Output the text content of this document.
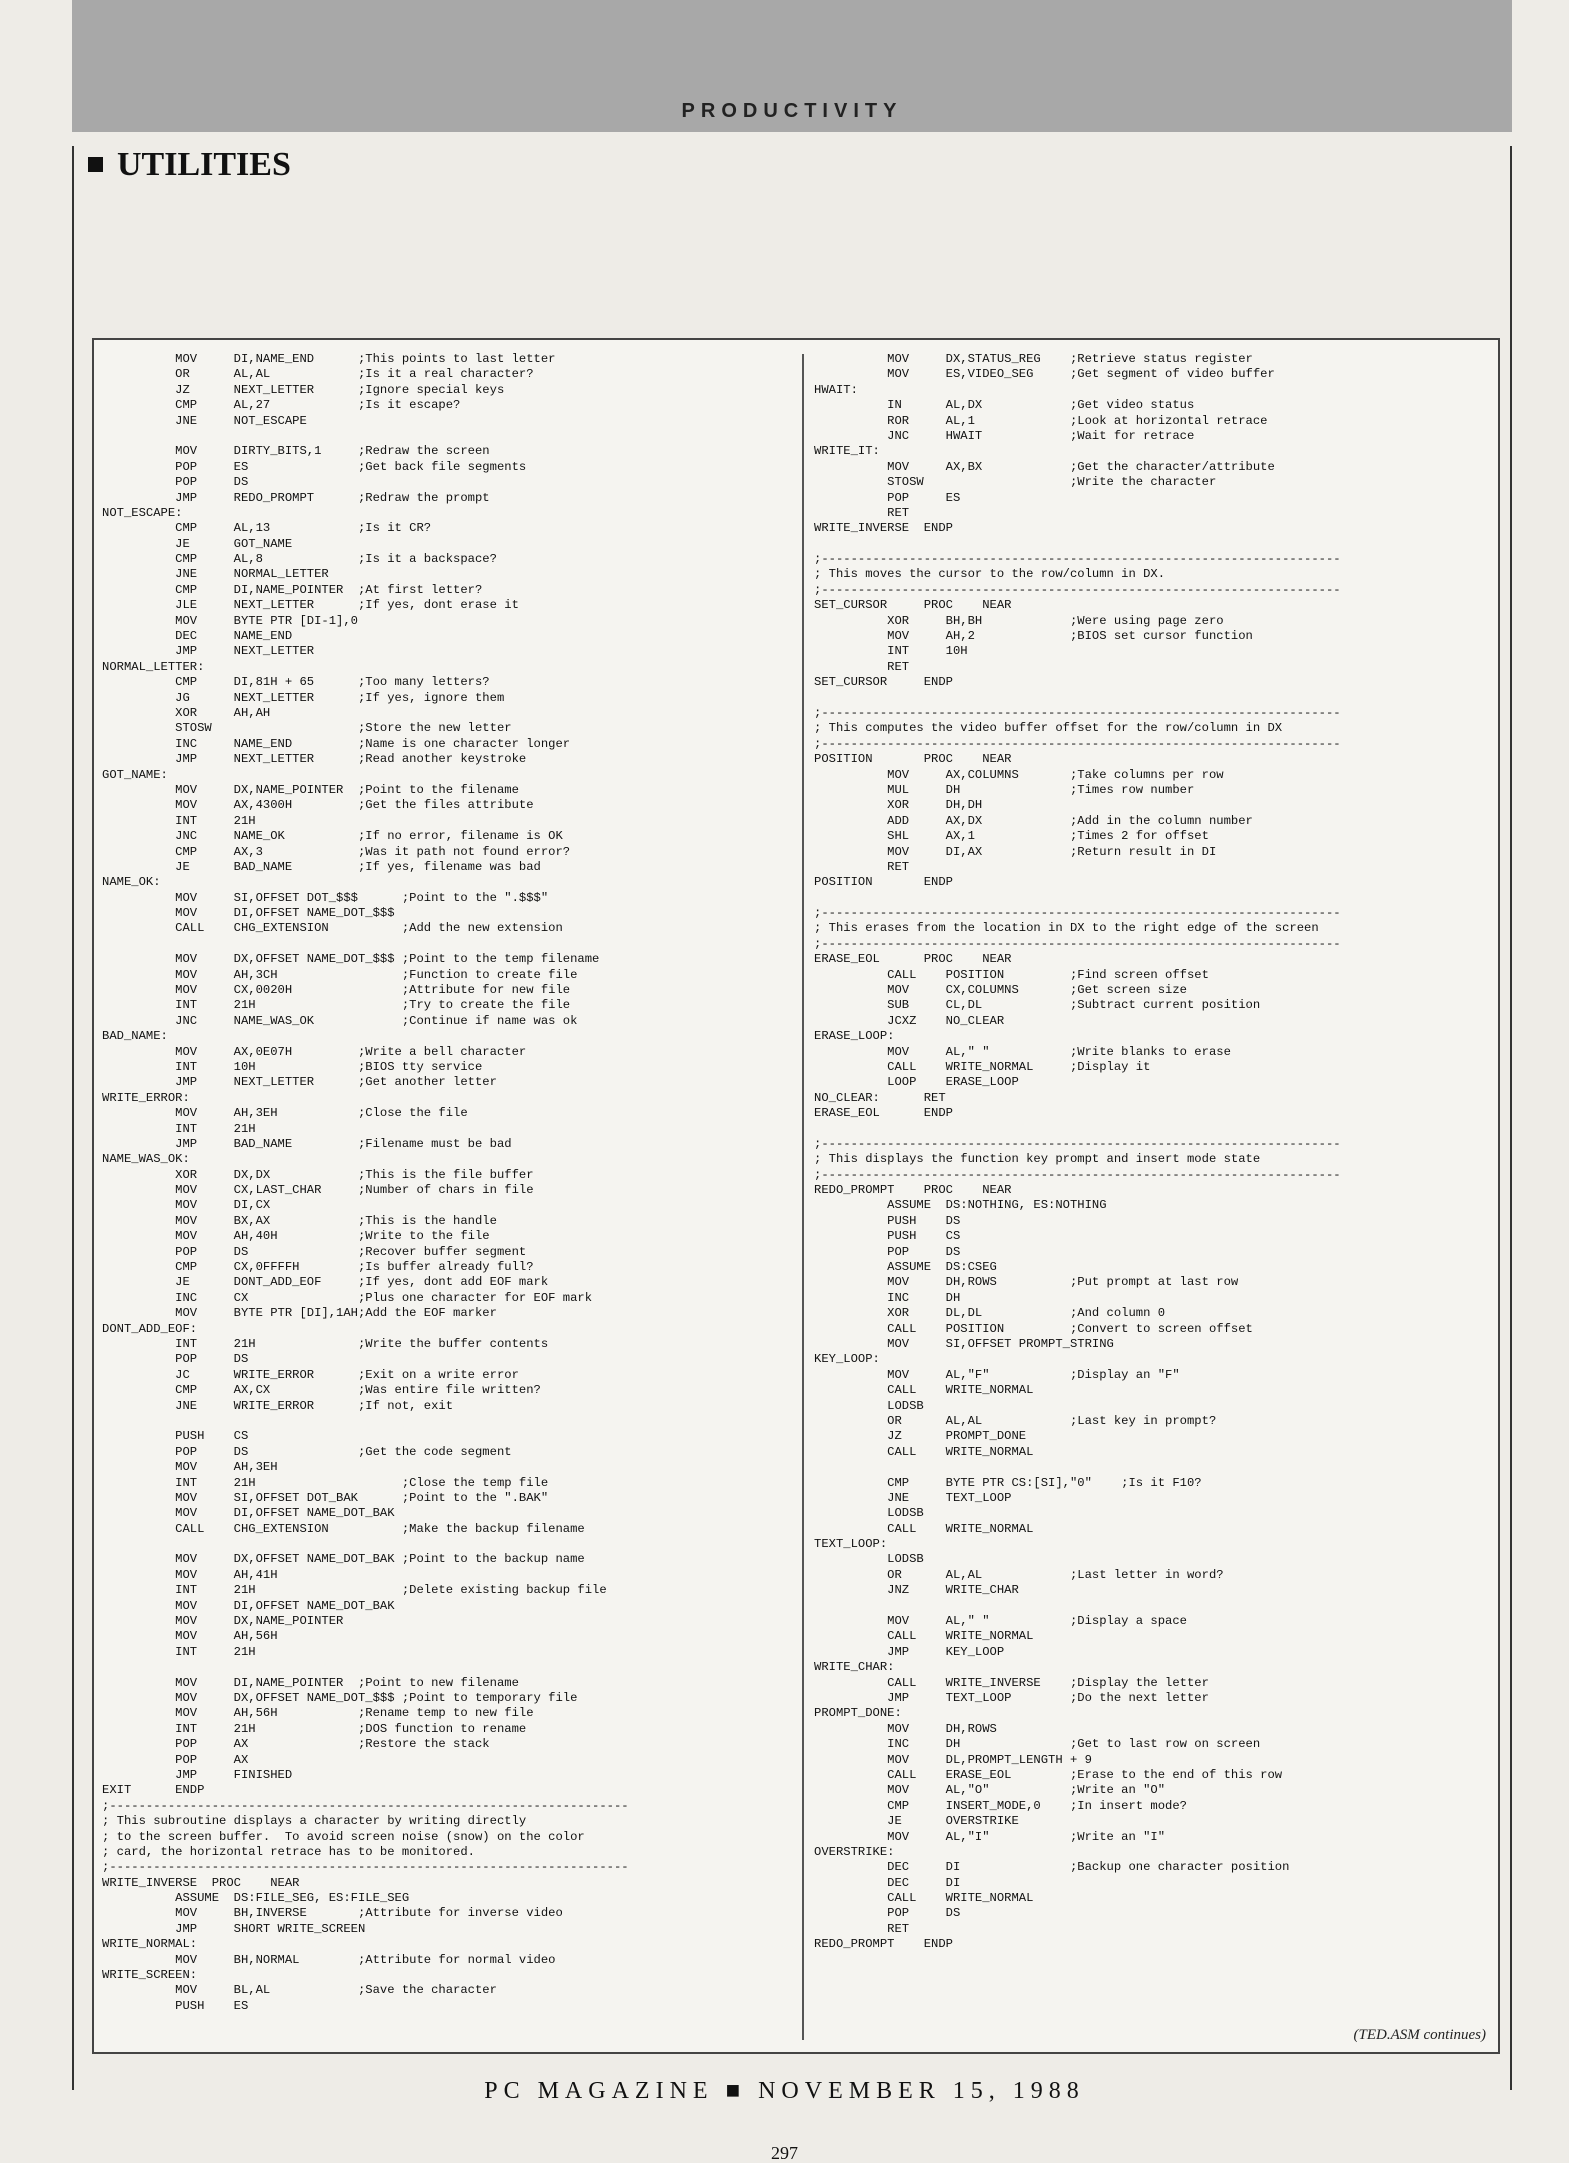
PRODUCTIVITY
UTILITIES
MOV     DI,NAME_END      ;This points to last letter
OR      AL,AL            ;Is it a real character?
JZ      NEXT_LETTER      ;Ignore special keys
CMP     AL,27            ;Is it escape?
JNE     NOT_ESCAPE

MOV     DIRTY_BITS,1     ;Redraw the screen
POP     ES               ;Get back file segments
POP     DS
JMP     REDO_PROMPT      ;Redraw the prompt
NOT_ESCAPE:
CMP     AL,13            ;Is it CR?
JE      GOT_NAME
CMP     AL,8             ;Is it a backspace?
JNE     NORMAL_LETTER
CMP     DI,NAME_POINTER  ;At first letter?
JLE     NEXT_LETTER      ;If yes, dont erase it
MOV     BYTE PTR [DI-1],0
DEC     NAME_END
JMP     NEXT_LETTER
NORMAL_LETTER:
CMP     DI,81H + 65      ;Too many letters?
JG      NEXT_LETTER      ;If yes, ignore them
XOR     AH,AH
STOSW                    ;Store the new letter
INC     NAME_END         ;Name is one character longer
JMP     NEXT_LETTER      ;Read another keystroke
GOT_NAME:
MOV     DX,NAME_POINTER  ;Point to the filename
MOV     AX,4300H         ;Get the files attribute
INT     21H
JNC     NAME_OK          ;If no error, filename is OK
CMP     AX,3             ;Was it path not found error?
JE      BAD_NAME         ;If yes, filename was bad
NAME_OK:
MOV     SI,OFFSET DOT_$$$      ;Point to the ".$$$"
MOV     DI,OFFSET NAME_DOT_$$$
CALL    CHG_EXTENSION          ;Add the new extension

MOV     DX,OFFSET NAME_DOT_$$$ ;Point to the temp filename
MOV     AH,3CH                 ;Function to create file
MOV     CX,0020H               ;Attribute for new file
INT     21H                    ;Try to create the file
JNC     NAME_WAS_OK            ;Continue if name was ok
BAD_NAME:
MOV     AX,0E07H         ;Write a bell character
INT     10H              ;BIOS tty service
JMP     NEXT_LETTER      ;Get another letter
WRITE_ERROR:
MOV     AH,3EH           ;Close the file
INT     21H
JMP     BAD_NAME         ;Filename must be bad
NAME_WAS_OK:
XOR     DX,DX            ;This is the file buffer
MOV     CX,LAST_CHAR     ;Number of chars in file
MOV     DI,CX
MOV     BX,AX            ;This is the handle
MOV     AH,40H           ;Write to the file
POP     DS               ;Recover buffer segment
CMP     CX,0FFFFH        ;Is buffer already full?
JE      DONT_ADD_EOF     ;If yes, dont add EOF mark
INC     CX               ;Plus one character for EOF mark
MOV     BYTE PTR [DI],1AH;Add the EOF marker
DONT_ADD_EOF:
INT     21H              ;Write the buffer contents
POP     DS
JC      WRITE_ERROR      ;Exit on a write error
CMP     AX,CX            ;Was entire file written?
JNE     WRITE_ERROR      ;If not, exit

PUSH    CS
POP     DS               ;Get the code segment
MOV     AH,3EH
INT     21H                    ;Close the temp file
MOV     SI,OFFSET DOT_BAK      ;Point to the ".BAK"
MOV     DI,OFFSET NAME_DOT_BAK
CALL    CHG_EXTENSION          ;Make the backup filename

MOV     DX,OFFSET NAME_DOT_BAK ;Point to the backup name
MOV     AH,41H
INT     21H                    ;Delete existing backup file
MOV     DI,OFFSET NAME_DOT_BAK
MOV     DX,NAME_POINTER
MOV     AH,56H
INT     21H

MOV     DI,NAME_POINTER  ;Point to new filename
MOV     DX,OFFSET NAME_DOT_$$$ ;Point to temporary file
MOV     AH,56H           ;Rename temp to new file
INT     21H              ;DOS function to rename
POP     AX               ;Restore the stack
POP     AX
JMP     FINISHED
EXIT      ENDP
;-----------------------------------------------------------------------
; This subroutine displays a character by writing directly
; to the screen buffer.  To avoid screen noise (snow) on the color
; card, the horizontal retrace has to be monitored.
;-----------------------------------------------------------------------
WRITE_INVERSE  PROC    NEAR
ASSUME  DS:FILE_SEG, ES:FILE_SEG
MOV     BH,INVERSE       ;Attribute for inverse video
JMP     SHORT WRITE_SCREEN
WRITE_NORMAL:
MOV     BH,NORMAL        ;Attribute for normal video
WRITE_SCREEN:
MOV     BL,AL            ;Save the character
PUSH    ES
MOV     DX,STATUS_REG    ;Retrieve status register
MOV     ES,VIDEO_SEG     ;Get segment of video buffer
HWAIT:
IN      AL,DX            ;Get video status
ROR     AL,1             ;Look at horizontal retrace
JNC     HWAIT            ;Wait for retrace
WRITE_IT:
MOV     AX,BX            ;Get the character/attribute
STOSW                    ;Write the character
POP     ES
RET
WRITE_INVERSE  ENDP

;-----------------------------------------------------------------------
; This moves the cursor to the row/column in DX.
;-----------------------------------------------------------------------
SET_CURSOR     PROC    NEAR
XOR     BH,BH            ;Were using page zero
MOV     AH,2             ;BIOS set cursor function
INT     10H
RET
SET_CURSOR     ENDP

;-----------------------------------------------------------------------
; This computes the video buffer offset for the row/column in DX
;-----------------------------------------------------------------------
POSITION       PROC    NEAR
MOV     AX,COLUMNS       ;Take columns per row
MUL     DH               ;Times row number
XOR     DH,DH
ADD     AX,DX            ;Add in the column number
SHL     AX,1             ;Times 2 for offset
MOV     DI,AX            ;Return result in DI
RET
POSITION       ENDP

;-----------------------------------------------------------------------
; This erases from the location in DX to the right edge of the screen
;-----------------------------------------------------------------------
ERASE_EOL      PROC    NEAR
CALL    POSITION         ;Find screen offset
MOV     CX,COLUMNS       ;Get screen size
SUB     CL,DL            ;Subtract current position
JCXZ    NO_CLEAR
ERASE_LOOP:
MOV     AL," "           ;Write blanks to erase
CALL    WRITE_NORMAL     ;Display it
LOOP    ERASE_LOOP
NO_CLEAR:      RET
ERASE_EOL      ENDP

;-----------------------------------------------------------------------
; This displays the function key prompt and insert mode state
;-----------------------------------------------------------------------
REDO_PROMPT    PROC    NEAR
ASSUME  DS:NOTHING, ES:NOTHING
PUSH    DS
PUSH    CS
POP     DS
ASSUME  DS:CSEG
MOV     DH,ROWS          ;Put prompt at last row
INC     DH
XOR     DL,DL            ;And column 0
CALL    POSITION         ;Convert to screen offset
MOV     SI,OFFSET PROMPT_STRING
KEY_LOOP:
MOV     AL,"F"           ;Display an "F"
CALL    WRITE_NORMAL
LODSB
OR      AL,AL            ;Last key in prompt?
JZ      PROMPT_DONE
CALL    WRITE_NORMAL

CMP     BYTE PTR CS:[SI],"0"    ;Is it F10?
JNE     TEXT_LOOP
LODSB
CALL    WRITE_NORMAL
TEXT_LOOP:
LODSB
OR      AL,AL            ;Last letter in word?
JNZ     WRITE_CHAR

MOV     AL," "           ;Display a space
CALL    WRITE_NORMAL
JMP     KEY_LOOP
WRITE_CHAR:
CALL    WRITE_INVERSE    ;Display the letter
JMP     TEXT_LOOP        ;Do the next letter
PROMPT_DONE:
MOV     DH,ROWS
INC     DH               ;Get to last row on screen
MOV     DL,PROMPT_LENGTH + 9
CALL    ERASE_EOL        ;Erase to the end of this row
MOV     AL,"O"           ;Write an "O"
CMP     INSERT_MODE,0    ;In insert mode?
JE      OVERSTRIKE
MOV     AL,"I"           ;Write an "I"
OVERSTRIKE:
DEC     DI               ;Backup one character position
DEC     DI
CALL    WRITE_NORMAL
POP     DS
RET
REDO_PROMPT    ENDP
(TED.ASM continues)
PC MAGAZINE ■ NOVEMBER 15, 1988
297
